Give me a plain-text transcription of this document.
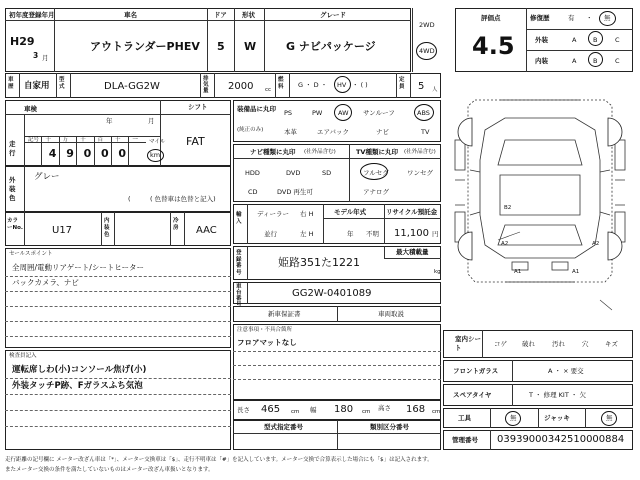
初年度登録年月
H29
3 月
車名
アウトランダーPHEV
ドア
5
形状
W
グレード
G ナビパッケージ
2WD
4WD
評価点
4.5
修復歴	有 ・ 無
外装	A	B	C
内装	A	B	C
車歴	自家用
型式	DLA-GG2W
排気量	2000 cc
燃料	G ・ D ・ HV ・ ( )
定員	5 人
車検
年	月
走行
記号 十 万 千 百 十 一
4 9 0 0 0
マイル
km
シフト
FAT
外装色
グレー
(	( 色替車は色替と記入)
カラーNo.	U17
内装色
冷房	AAC
セールスポイント
全周囲/電動リアゲート/シートヒーター
バックカメラ、ナビ
検査員記入
運転席しわ(小)コンソール焦げ(小)
外装タッチP跡、Fガラスふち気泡
装備品に丸印
(純正のみ)
PS	PW AW サンルーフ	ABS
本革	エアバック	ナビ	TV
ナビ種類に丸印 (社外品含む)	TV種類に丸印 (社外品含む)
HDD	DVD	SD
CD	DVD 再生可
フルセグ	ワンセグ
アナログ
輸入
ディーラー
並行
右 H
左 H
モデル年式
年 不明
リサイクル預託金
11,100 円
登録番号
姫路351た1221
最大積載量
kg
車台番号
GG2W-0401089
新車保証書	車両取説
注意事項・不具合箇所
フロアマットなし
長さ 465 cm 幅 180 cm 高さ 168 cm
型式指定番号	類別区分番号
B2
A2	A2
A1	A1
室内シート	コゲ 破れ	汚れ	穴	キズ
フロントガラス	A ・ × 要交
スペアタイヤ	T ・ 修理 KIT ・ 欠
工具	無	ジャッキ	無
管理番号 03939000342510000884
走行距離の記号欄に メーター改ざん車は「*」、メーター交換車は「$」、走行不明車は「#」を記入しています。メーター交換で合算表示した場合にも「$」は記入されます。
またメーター交換の条件を満たしていないものはメーター改ざん車扱いとなります。
